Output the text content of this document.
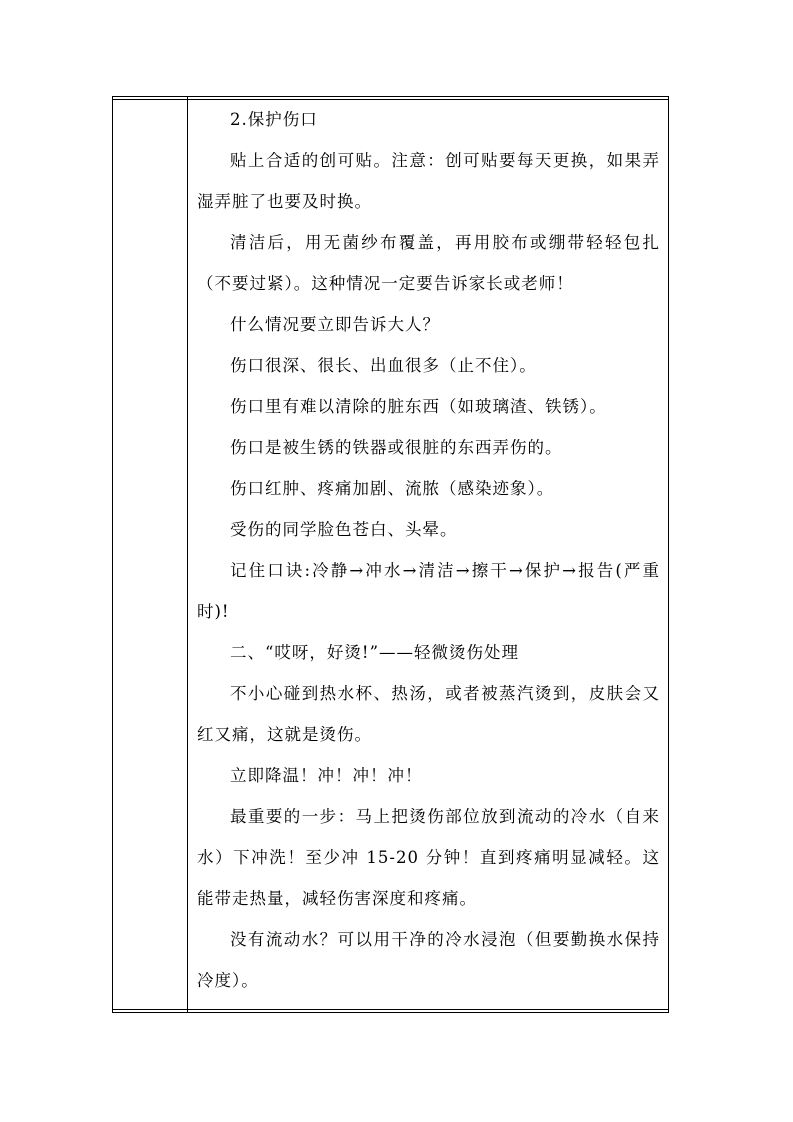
2.保护伤口

贴上合适的创可贴。注意：创可贴要每天更换，如果弄湿弄脏了也要及时换。

清洁后，用无菌纱布覆盖，再用胶布或绷带轻轻包扎（不要过紧）。这种情况一定要告诉家长或老师！

什么情况要立即告诉大人？

伤口很深、很长、出血很多（止不住）。

伤口里有难以清除的脏东西（如玻璃渣、铁锈）。

伤口是被生锈的铁器或很脏的东西弄伤的。

伤口红肿、疼痛加剧、流脓（感染迹象）。

受伤的同学脸色苍白、头晕。

记住口诀:冷静→冲水→清洁→擦干→保护→报告(严重时)!

二、“哎呀，好烫!”——轻微烫伤处理

不小心碰到热水杯、热汤，或者被蒸汽烫到，皮肤会又红又痛，这就是烫伤。

立即降温！冲！冲！冲！

最重要的一步：马上把烫伤部位放到流动的冷水（自来水）下冲洗！至少冲 15-20 分钟！直到疼痛明显减轻。这能带走热量，减轻伤害深度和疼痛。

没有流动水？可以用干净的冷水浸泡（但要勤换水保持冷度）。
